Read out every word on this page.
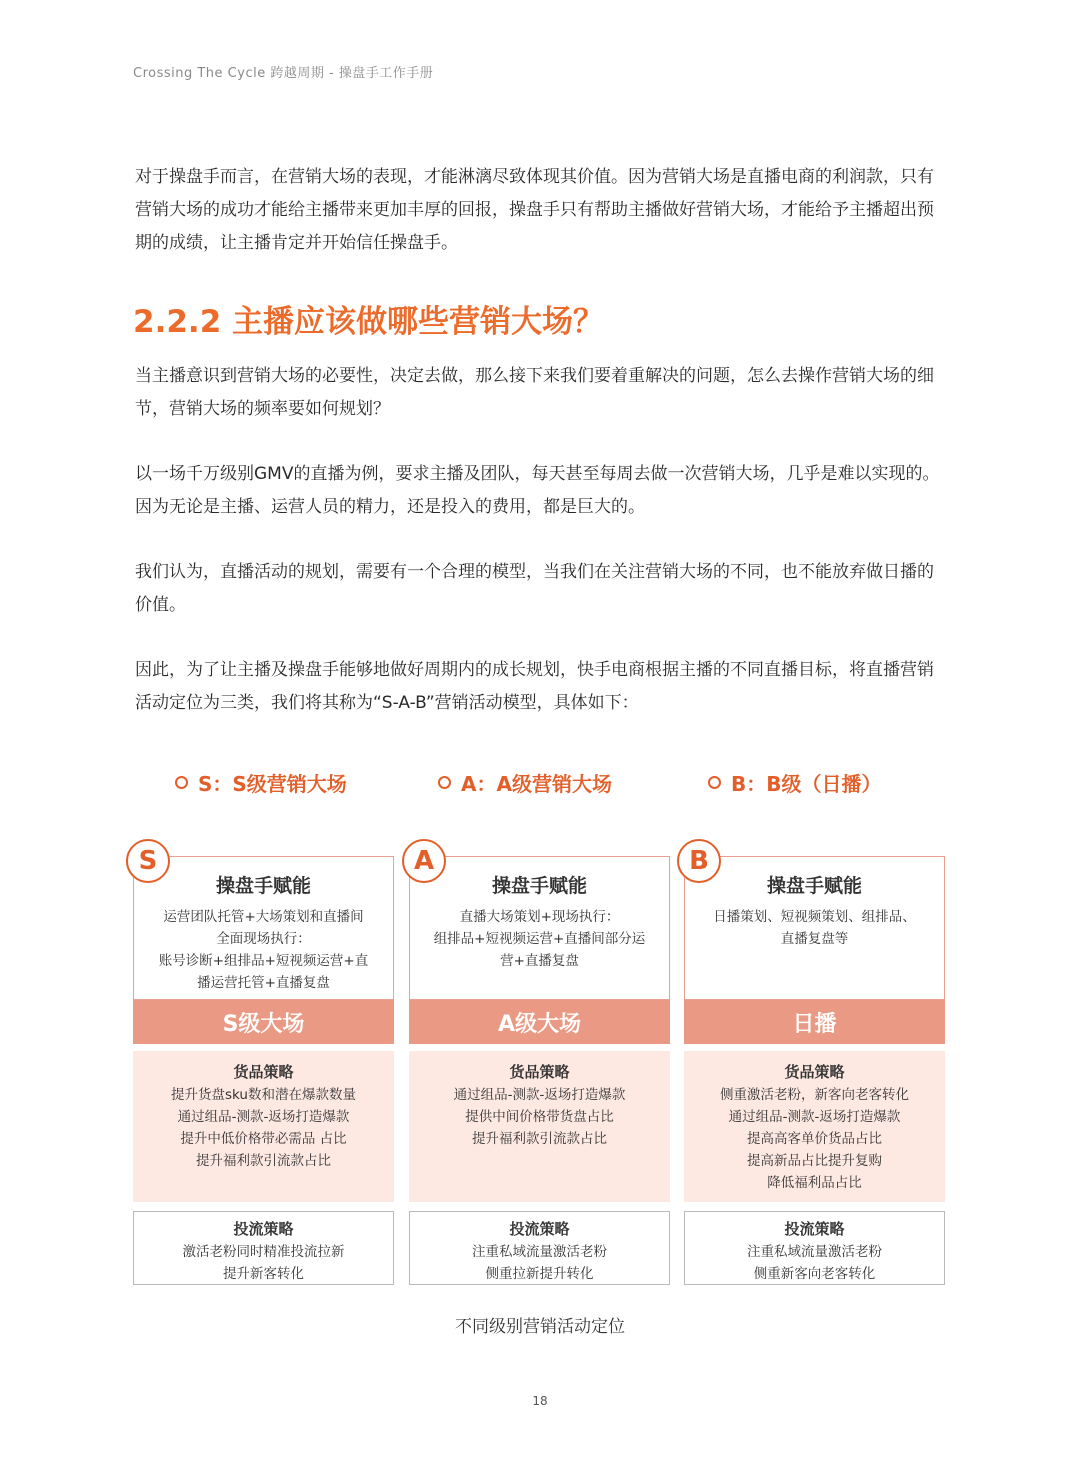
Crossing The Cycle 跨越周期 - 操盘手工作手册

对于操盘手而言，在营销大场的表现，才能淋漓尽致体现其价值。因为营销大场是直播电商的利润款，只有营销大场的成功才能给主播带来更加丰厚的回报，操盘手只有帮助主播做好营销大场，才能给予主播超出预期的成绩，让主播肯定并开始信任操盘手。

2.2.2 主播应该做哪些营销大场？

当主播意识到营销大场的必要性，决定去做，那么接下来我们要着重解决的问题，怎么去操作营销大场的细节，营销大场的频率要如何规划？

以一场千万级别GMV的直播为例，要求主播及团队，每天甚至每周去做一次营销大场，几乎是难以实现的。因为无论是主播、运营人员的精力，还是投入的费用，都是巨大的。

我们认为，直播活动的规划，需要有一个合理的模型，当我们在关注营销大场的不同，也不能放弃做日播的价值。

因此，为了让主播及操盘手能够地做好周期内的成长规划，快手电商根据主播的不同直播目标，将直播营销活动定位为三类，我们将其称为“S-A-B”营销活动模型，具体如下：

S：S级营销大场	A：A级营销大场	B：B级（日播）
S
操盘手赋能
运营团队托管+大场策划和直播间
全面现场执行：
账号诊断+组排品+短视频运营+直
播运营托管+直播复盘
S级大场
货品策略
提升货盘sku数和潜在爆款数量
通过组品-测款-返场打造爆款
提升中低价格带必需品 占比
提升福利款引流款占比
投流策略
激活老粉同时精准投流拉新
提升新客转化
A
操盘手赋能
直播大场策划+现场执行：
组排品+短视频运营+直播间部分运
营+直播复盘
A级大场
货品策略
通过组品-测款-返场打造爆款
提供中间价格带货盘占比
提升福利款引流款占比
投流策略
注重私域流量激活老粉
侧重拉新提升转化
B
操盘手赋能
日播策划、短视频策划、组排品、
直播复盘等
日播
货品策略
侧重激活老粉，新客向老客转化
通过组品-测款-返场打造爆款
提高高客单价货品占比
提高新品占比提升复购
降低福利品占比
投流策略
注重私域流量激活老粉
侧重新客向老客转化
不同级别营销活动定位
18
